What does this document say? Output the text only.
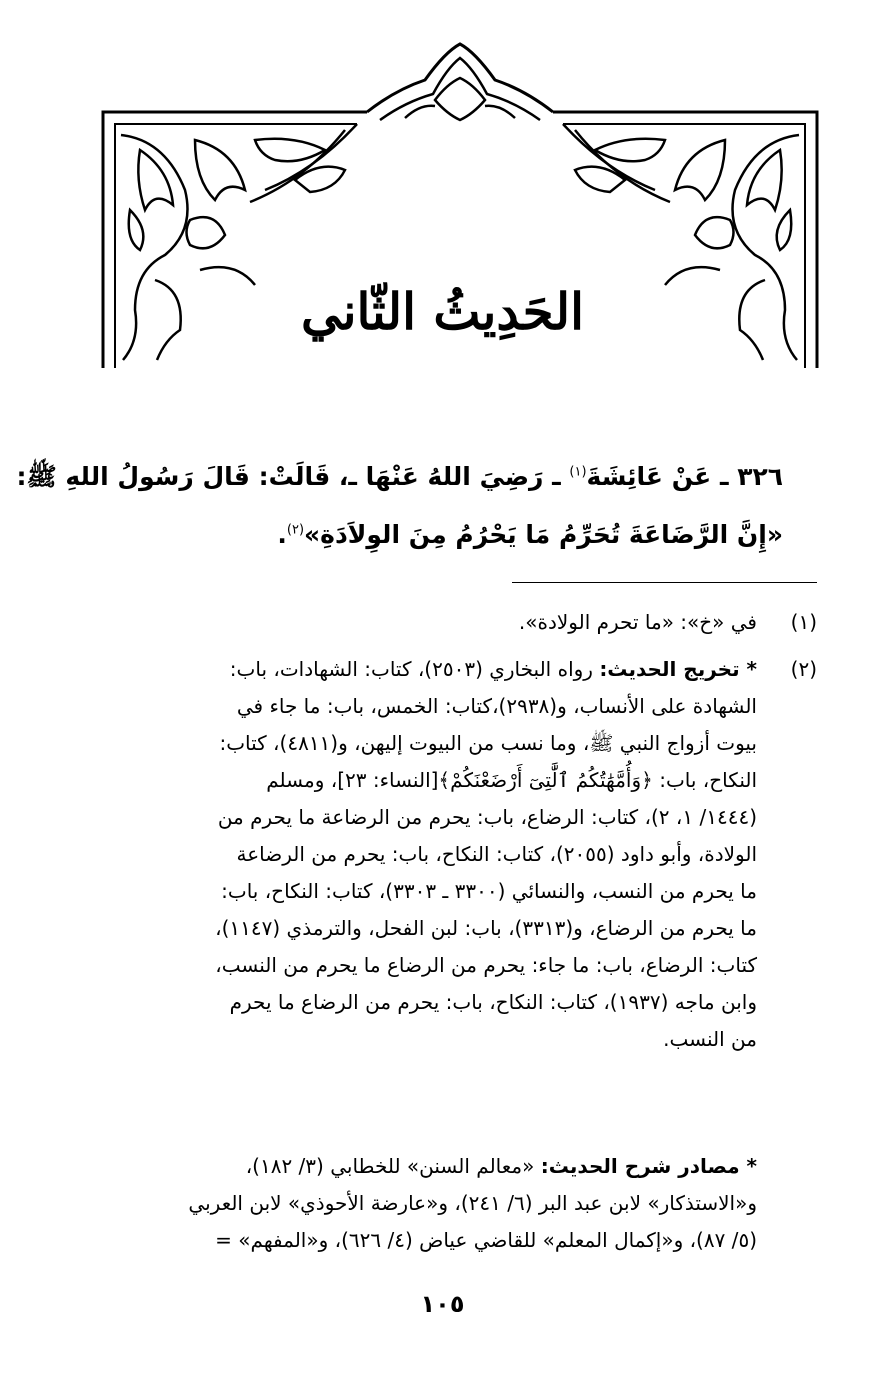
الحَدِيثُ الثّاني
٣٢٦ ـ عَنْ عَائِشَةَ$^{(١)}$ ـ رَضِيَ اللهُ عَنْهَا ـ، قَالَتْ: قَالَ رَسُولُ اللهِ ﷺ:
«إِنَّ الرَّضَاعَةَ تُحَرِّمُ مَا يَحْرُمُ مِنَ الوِلاَدَةِ»$^{(٢)}$.
(١)
في «خ»: «ما تحرم الولادة».
(٢)
* تخريج الحديث: رواه البخاري (٢٥٠٣)، كتاب: الشهادات، باب:
الشهادة على الأنساب، و(٢٩٣٨)،كتاب: الخمس، باب: ما جاء في
بيوت أزواج النبي ﷺ، وما نسب من البيوت إليهن، و(٤٨١١)، كتاب:
النكاح، باب: ﴿وَأُمَّهَٰتُكُمُ ٱلَّٰتِىٓ أَرْضَعْنَكُمْ﴾[النساء: ٢٣]، ومسلم
(١٤٤٤/ ١، ٢)، كتاب: الرضاع، باب: يحرم من الرضاعة ما يحرم من
الولادة، وأبو داود (٢٠٥٥)، كتاب: النكاح، باب: يحرم من الرضاعة
ما يحرم من النسب، والنسائي (٣٣٠٠ ـ ٣٣٠٣)، كتاب: النكاح، باب:
ما يحرم من الرضاع، و(٣٣١٣)، باب: لبن الفحل، والترمذي (١١٤٧)،
كتاب: الرضاع، باب: ما جاء: يحرم من الرضاع ما يحرم من النسب،
وابن ماجه (١٩٣٧)، كتاب: النكاح، باب: يحرم من الرضاع ما يحرم
من النسب.
* مصادر شرح الحديث: «معالم السنن» للخطابي (٣/ ١٨٢)،
و«الاستذكار» لابن عبد البر (٦/ ٢٤١)، و«عارضة الأحوذي» لابن العربي
(٥/ ٨٧)، و«إكمال المعلم» للقاضي عياض (٤/ ٦٢٦)، و«المفهم» =
١٠٥
